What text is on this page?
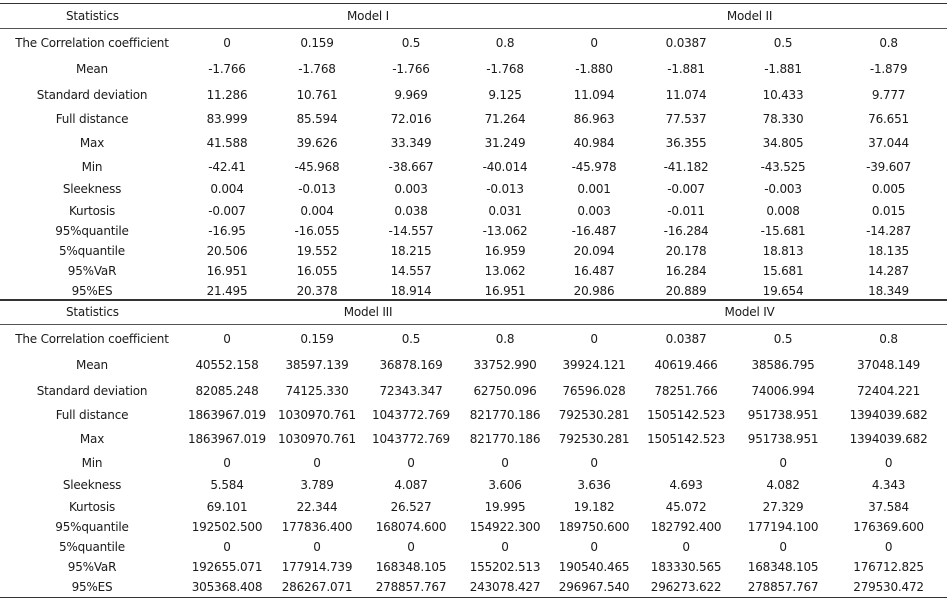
Statistics	Model I				Model II			
The Correlation coefficient	0	0.159	0.5	0.8	0	0.0387	0.5	0.8
Mean	-1.766	-1.768	-1.766	-1.768	-1.880	-1.881	-1.881	-1.879
Standard deviation	11.286	10.761	9.969	9.125	11.094	11.074	10.433	9.777
Full distance	83.999	85.594	72.016	71.264	86.963	77.537	78.330	76.651
Max	41.588	39.626	33.349	31.249	40.984	36.355	34.805	37.044
Min	-42.41	-45.968	-38.667	-40.014	-45.978	-41.182	-43.525	-39.607
Sleekness	0.004	-0.013	0.003	-0.013	0.001	-0.007	-0.003	0.005
Kurtosis	-0.007	0.004	0.038	0.031	0.003	-0.011	0.008	0.015
95%quantile	-16.95	-16.055	-14.557	-13.062	-16.487	-16.284	-15.681	-14.287
5%quantile	20.506	19.552	18.215	16.959	20.094	20.178	18.813	18.135
95%VaR	16.951	16.055	14.557	13.062	16.487	16.284	15.681	14.287
95%ES	21.495	20.378	18.914	16.951	20.986	20.889	19.654	18.349
Statistics	Model III				Model IV			
The Correlation coefficient	0	0.159	0.5	0.8	0	0.0387	0.5	0.8
Mean	40552.158	38597.139	36878.169	33752.990	39924.121	40619.466	38586.795	37048.149
Standard deviation	82085.248	74125.330	72343.347	62750.096	76596.028	78251.766	74006.994	72404.221
Full distance	1863967.019	1030970.761	1043772.769	821770.186	792530.281	1505142.523	951738.951	1394039.682
Max	1863967.019	1030970.761	1043772.769	821770.186	792530.281	1505142.523	951738.951	1394039.682
Min	0	0	0	0	0		0	0
Sleekness	5.584	3.789	4.087	3.606	3.636	4.693	4.082	4.343
Kurtosis	69.101	22.344	26.527	19.995	19.182	45.072	27.329	37.584
95%quantile	192502.500	177836.400	168074.600	154922.300	189750.600	182792.400	177194.100	176369.600
5%quantile	0	0	0	0	0	0	0	0
95%VaR	192655.071	177914.739	168348.105	155202.513	190540.465	183330.565	168348.105	176712.825
95%ES	305368.408	286267.071	278857.767	243078.427	296967.540	296273.622	278857.767	279530.472
